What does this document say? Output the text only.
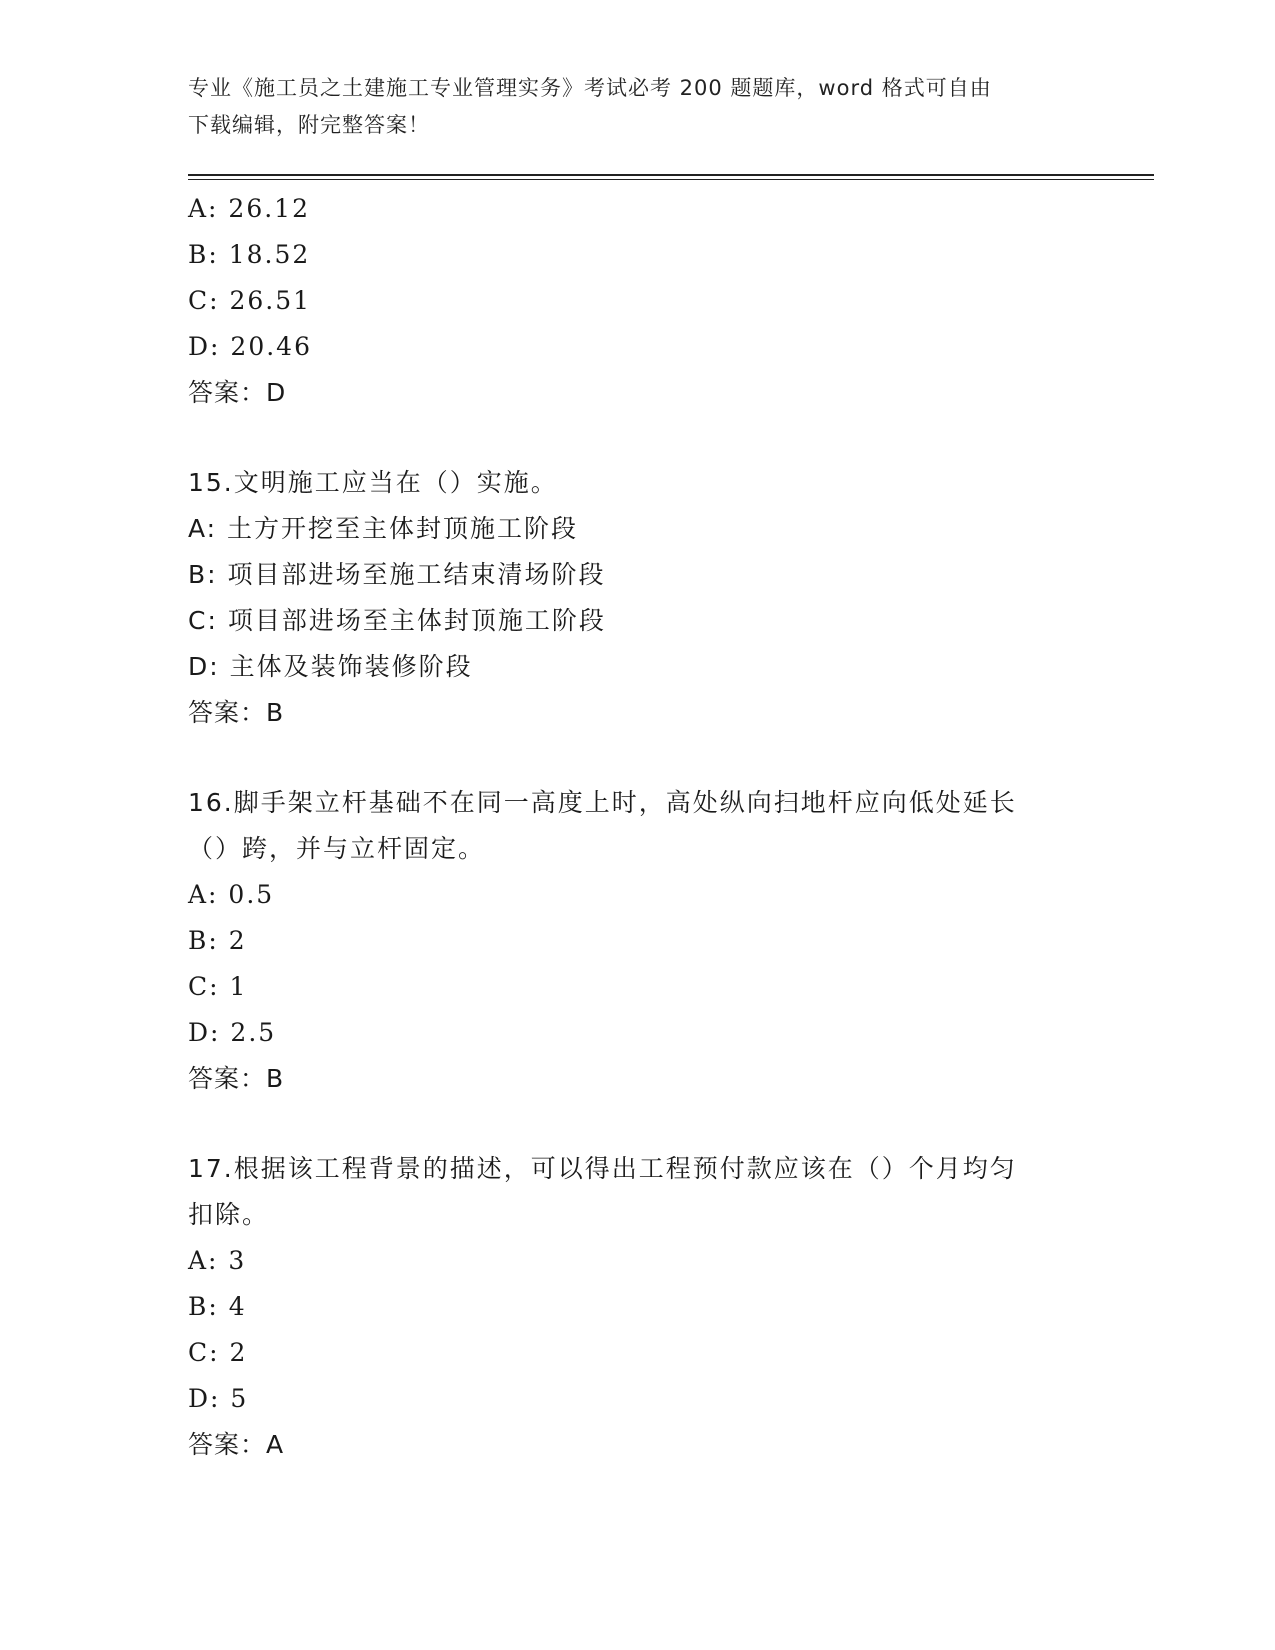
专业《施工员之土建施工专业管理实务》考试必考 200 题题库，word 格式可自由
下载编辑，附完整答案！
A: 26.12
B: 18.52
C: 26.51
D: 20.46
答案：D
15.文明施工应当在（）实施。
A: 土方开挖至主体封顶施工阶段
B: 项目部进场至施工结束清场阶段
C: 项目部进场至主体封顶施工阶段
D: 主体及装饰装修阶段
答案：B
16.脚手架立杆基础不在同一高度上时，高处纵向扫地杆应向低处延长
（）跨，并与立杆固定。
A: 0.5
B: 2
C: 1
D: 2.5
答案：B
17.根据该工程背景的描述，可以得出工程预付款应该在（）个月均匀
扣除。
A: 3
B: 4
C: 2
D: 5
答案：A
